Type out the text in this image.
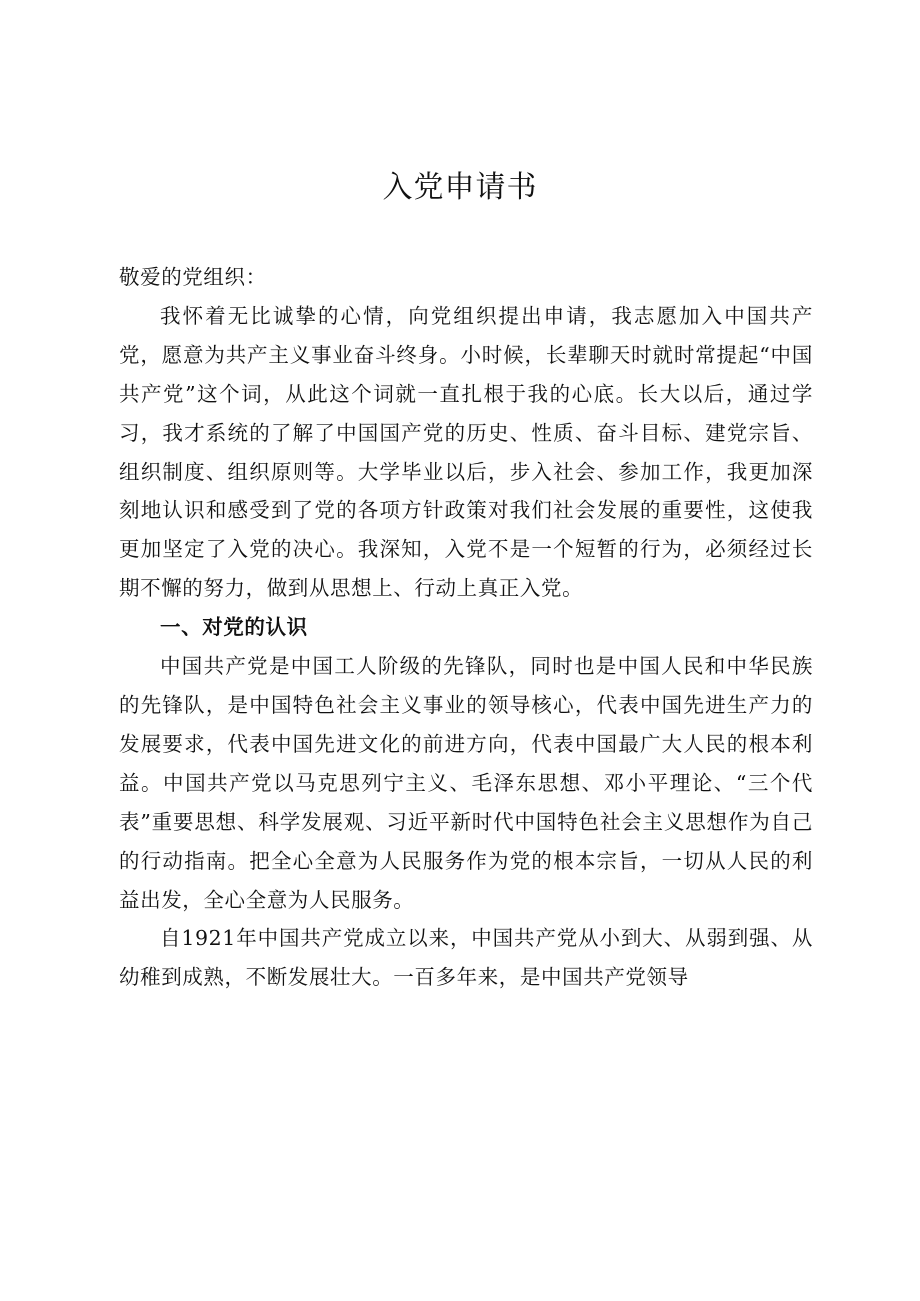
入党申请书

敬爱的党组织：

我怀着无比诚挚的心情，向党组织提出申请，我志愿加入中国共产党，愿意为共产主义事业奋斗终身。小时候，长辈聊天时就时常提起“中国共产党”这个词，从此这个词就一直扎根于我的心底。长大以后，通过学习，我才系统的了解了中国国产党的历史、性质、奋斗目标、建党宗旨、组织制度、组织原则等。大学毕业以后，步入社会、参加工作，我更加深刻地认识和感受到了党的各项方针政策对我们社会发展的重要性，这使我更加坚定了入党的决心。我深知，入党不是一个短暂的行为，必须经过长期不懈的努力，做到从思想上、行动上真正入党。

一、对党的认识

中国共产党是中国工人阶级的先锋队，同时也是中国人民和中华民族的先锋队，是中国特色社会主义事业的领导核心，代表中国先进生产力的发展要求，代表中国先进文化的前进方向，代表中国最广大人民的根本利益。中国共产党以马克思列宁主义、毛泽东思想、邓小平理论、“三个代表”重要思想、科学发展观、习近平新时代中国特色社会主义思想作为自己的行动指南。把全心全意为人民服务作为党的根本宗旨，一切从人民的利益出发，全心全意为人民服务。

自1921年中国共产党成立以来，中国共产党从小到大、从弱到强、从幼稚到成熟，不断发展壮大。一百多年来，是中国共产党领导
